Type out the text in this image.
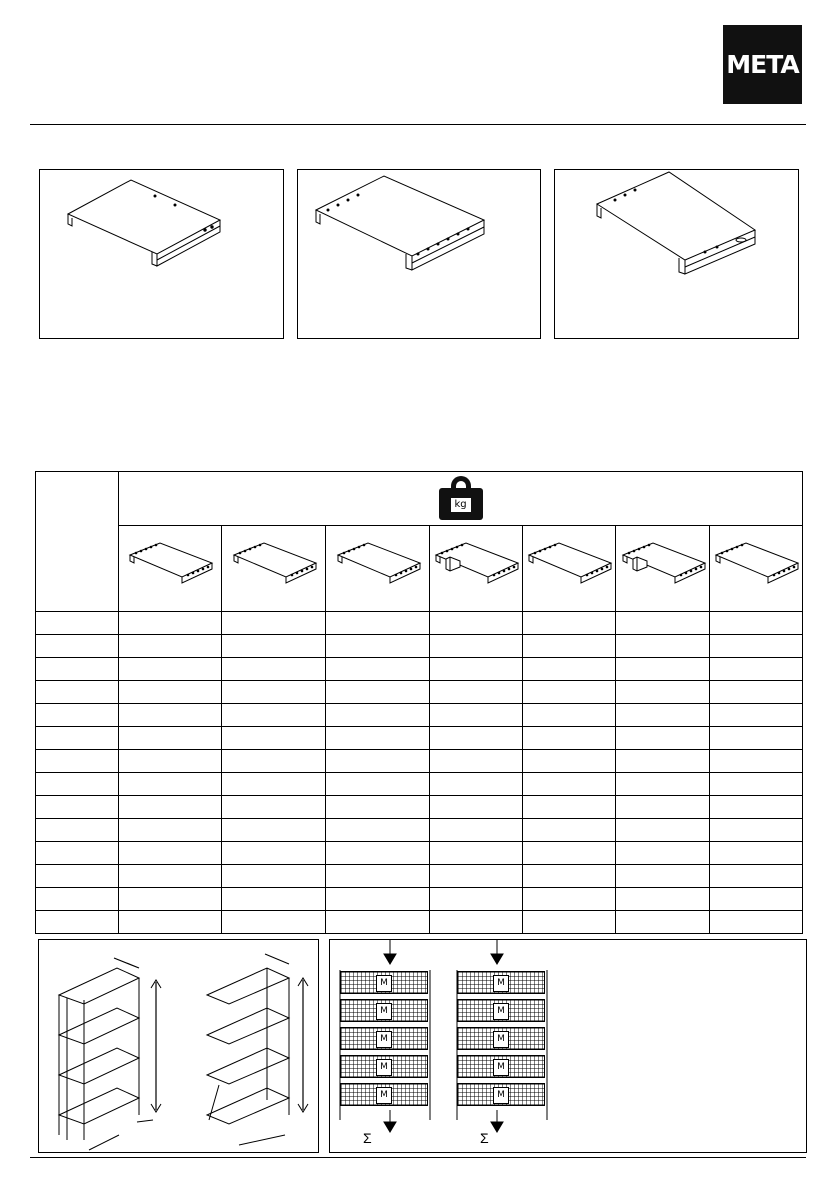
META

	kg						

M
M
M
M
M
M
M
M
M
M
Σ	Σ
